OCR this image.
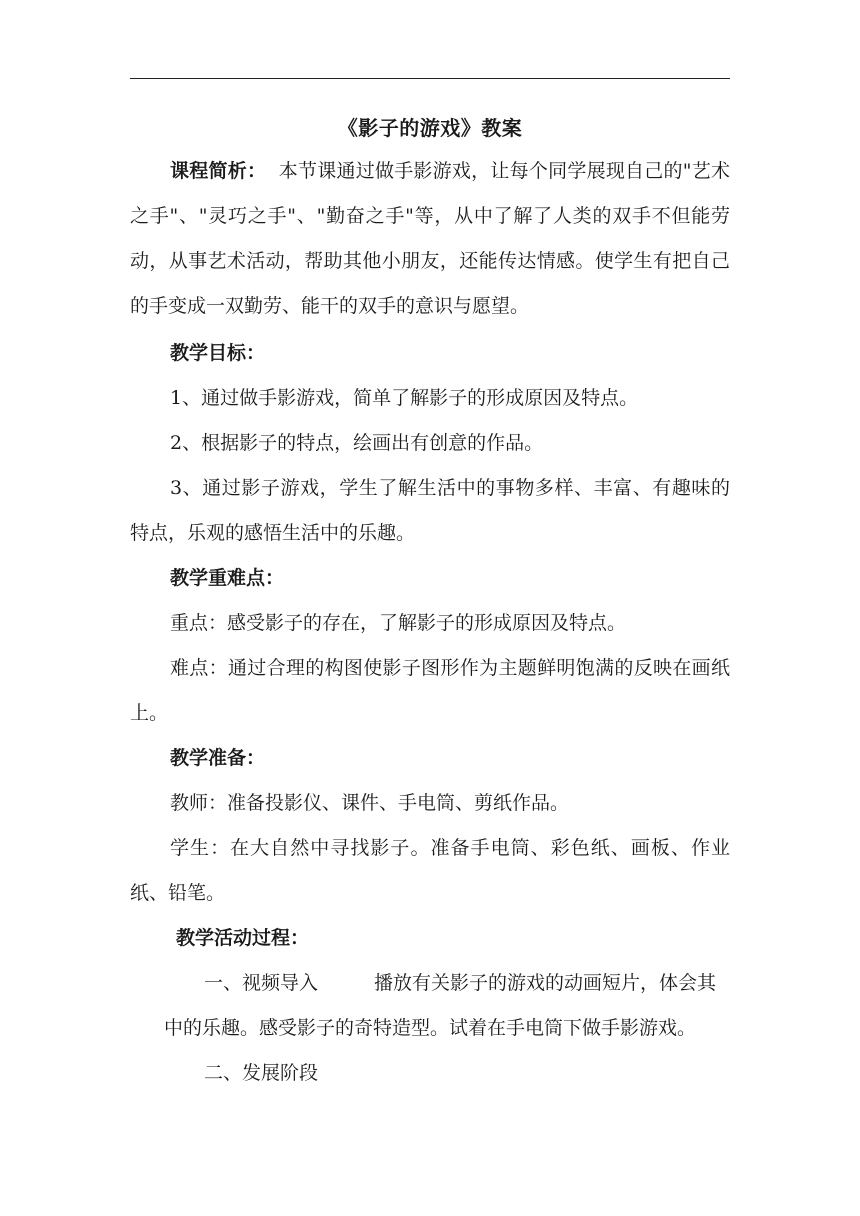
《影子的游戏》教案
课程简析： 本节课通过做手影游戏，让每个同学展现自己的"艺术之手"、"灵巧之手"、"勤奋之手"等，从中了解了人类的双手不但能劳动，从事艺术活动，帮助其他小朋友，还能传达情感。使学生有把自己的手变成一双勤劳、能干的双手的意识与愿望。
教学目标：
1、通过做手影游戏，简单了解影子的形成原因及特点。
2、根据影子的特点，绘画出有创意的作品。
3、通过影子游戏，学生了解生活中的事物多样、丰富、有趣味的特点，乐观的感悟生活中的乐趣。
教学重难点：
重点：感受影子的存在，了解影子的形成原因及特点。
难点：通过合理的构图使影子图形作为主题鲜明饱满的反映在画纸上。
教学准备：
教师：准备投影仪、课件、手电筒、剪纸作品。
学生：在大自然中寻找影子。准备手电筒、彩色纸、画板、作业纸、铅笔。
教学活动过程：
一、视频导入	播放有关影子的游戏的动画短片，体会其
中的乐趣。感受影子的奇特造型。试着在手电筒下做手影游戏。
二、发展阶段
